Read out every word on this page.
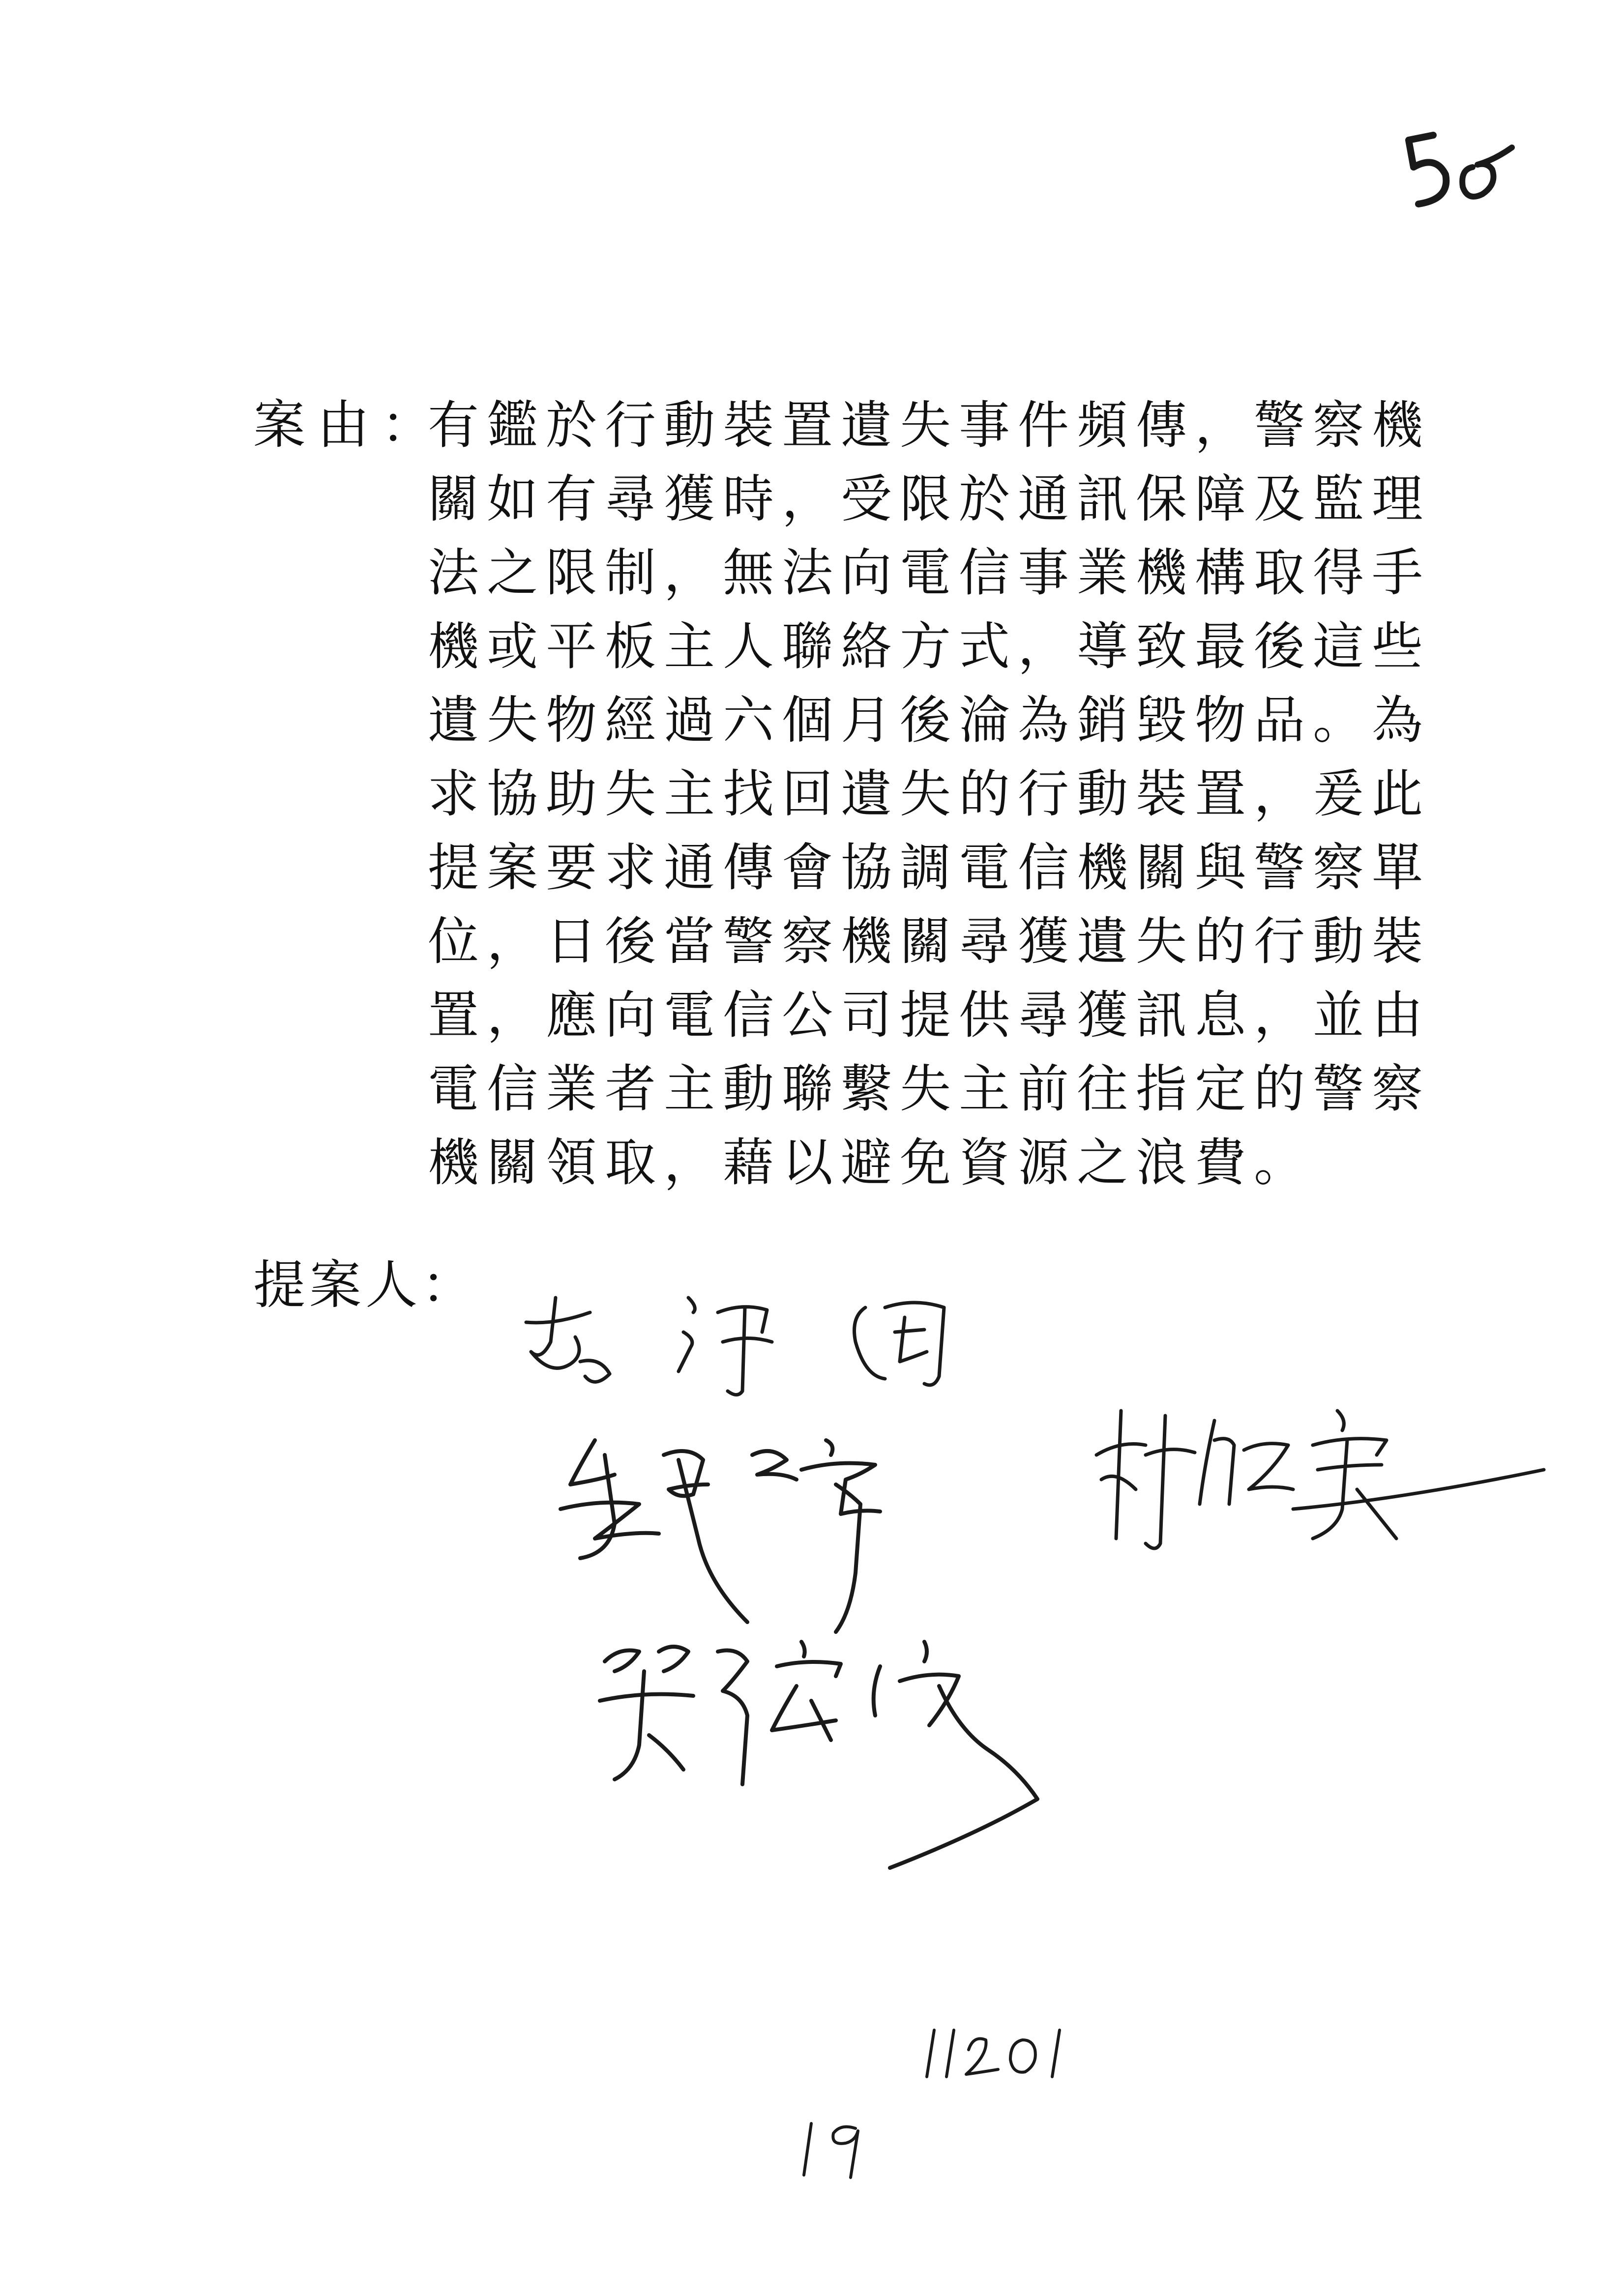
案由：
有鑑於行動裝置遺失事件頻傳，警察機
關如有尋獲時，受限於通訊保障及監理
法之限制，無法向電信事業機構取得手
機或平板主人聯絡方式，導致最後這些
遺失物經過六個月後淪為銷毀物品。為
求協助失主找回遺失的行動裝置，爰此
提案要求通傳會協調電信機關與警察單
位，日後當警察機關尋獲遺失的行動裝
置，應向電信公司提供尋獲訊息，並由
電信業者主動聯繫失主前往指定的警察
機關領取，藉以避免資源之浪費。
提案人：
